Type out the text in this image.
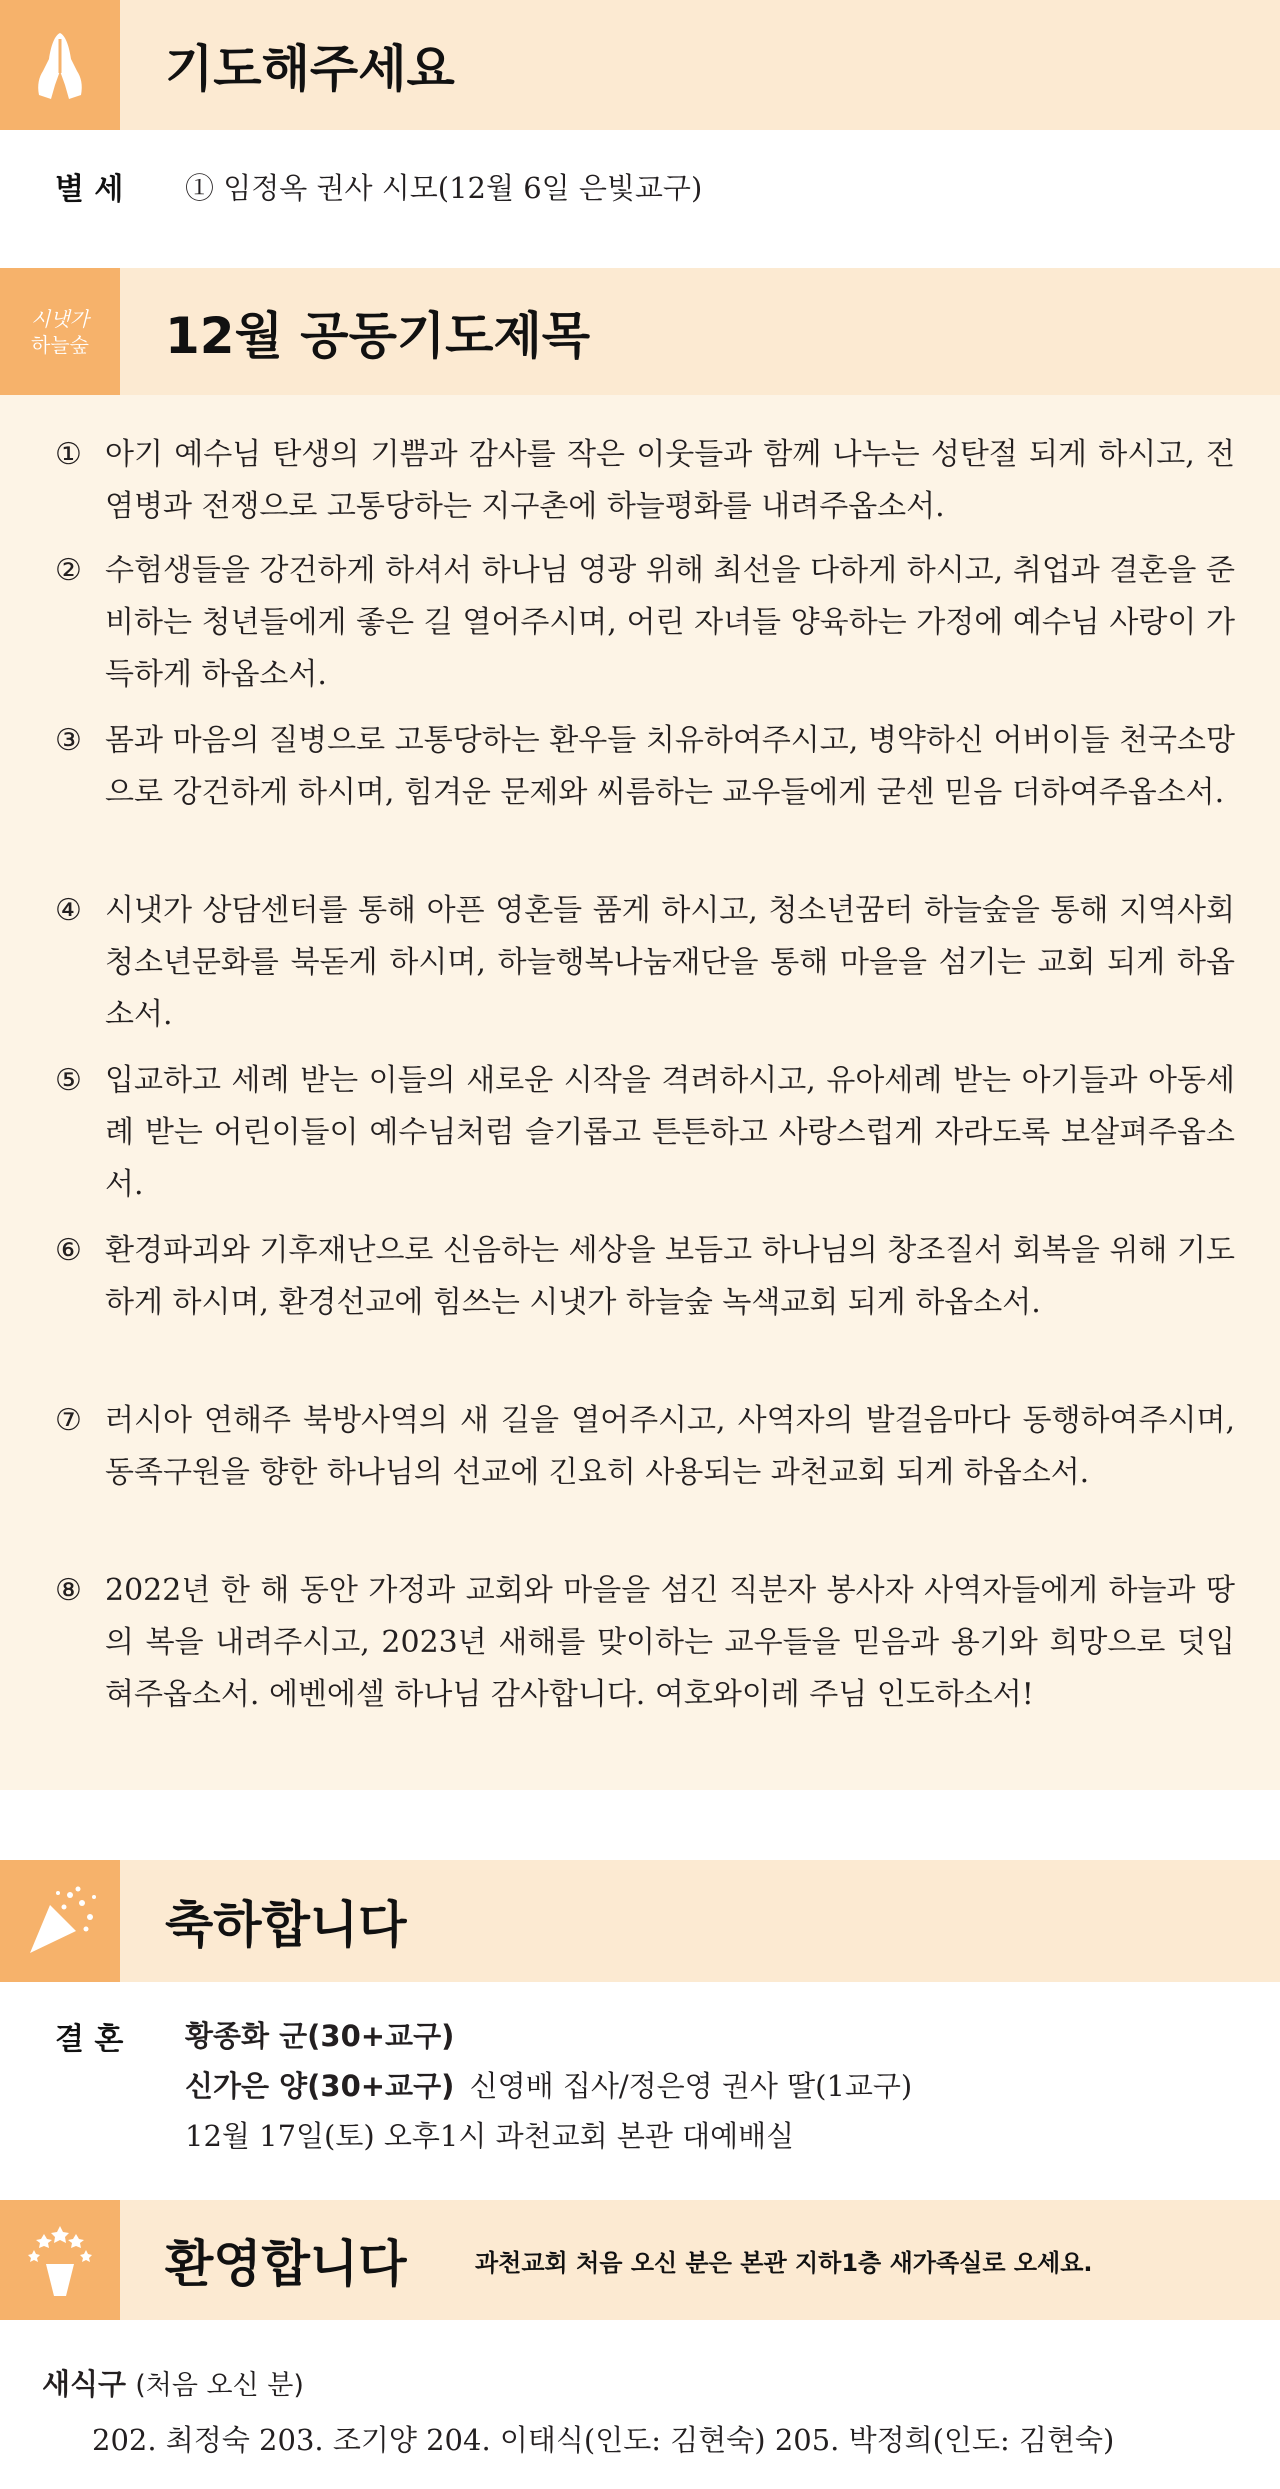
기도해주세요
별 세 ① 임정옥 권사 시모(12월 6일 은빛교구)
시냇가
하늘숲 12월 공동기도제목
① 아기 예수님 탄생의 기쁨과 감사를 작은 이웃들과 함께 나누는 성탄절 되게 하시고, 전염병과 전쟁으로 고통당하는 지구촌에 하늘평화를 내려주옵소서.
② 수험생들을 강건하게 하셔서 하나님 영광 위해 최선을 다하게 하시고, 취업과 결혼을 준비하는 청년들에게 좋은 길 열어주시며, 어린 자녀들 양육하는 가정에 예수님 사랑이 가득하게 하옵소서.
③ 몸과 마음의 질병으로 고통당하는 환우들 치유하여주시고, 병약하신 어버이들 천국소망으로 강건하게 하시며, 힘겨운 문제와 씨름하는 교우들에게 굳센 믿음 더하여주옵소서.
④ 시냇가 상담센터를 통해 아픈 영혼들 품게 하시고, 청소년꿈터 하늘숲을 통해 지역사회 청소년문화를 북돋게 하시며, 하늘행복나눔재단을 통해 마을을 섬기는 교회 되게 하옵소서.
⑤ 입교하고 세례 받는 이들의 새로운 시작을 격려하시고, 유아세례 받는 아기들과 아동세례 받는 어린이들이 예수님처럼 슬기롭고 튼튼하고 사랑스럽게 자라도록 보살펴주옵소서.
⑥ 환경파괴와 기후재난으로 신음하는 세상을 보듬고 하나님의 창조질서 회복을 위해 기도하게 하시며, 환경선교에 힘쓰는 시냇가 하늘숲 녹색교회 되게 하옵소서.
⑦ 러시아 연해주 북방사역의 새 길을 열어주시고, 사역자의 발걸음마다 동행하여주시며, 동족구원을 향한 하나님의 선교에 긴요히 사용되는 과천교회 되게 하옵소서.
⑧ 2022년 한 해 동안 가정과 교회와 마을을 섬긴 직분자 봉사자 사역자들에게 하늘과 땅의 복을 내려주시고, 2023년 새해를 맞이하는 교우들을 믿음과 용기와 희망으로 덧입혀주옵소서. 에벤에셀 하나님 감사합니다. 여호와이레 주님 인도하소서!
축하합니다
결 혼 황종화 군(30+교구)
신가은 양(30+교구) 신영배 집사/정은영 권사 딸(1교구)
12월 17일(토) 오후1시 과천교회 본관 대예배실
환영합니다	과천교회 처음 오신 분은 본관 지하1층 새가족실로 오세요.
새식구 (처음 오신 분)
202. 최정숙 203. 조기양 204. 이태식(인도: 김현숙) 205. 박정희(인도: 김현숙)
